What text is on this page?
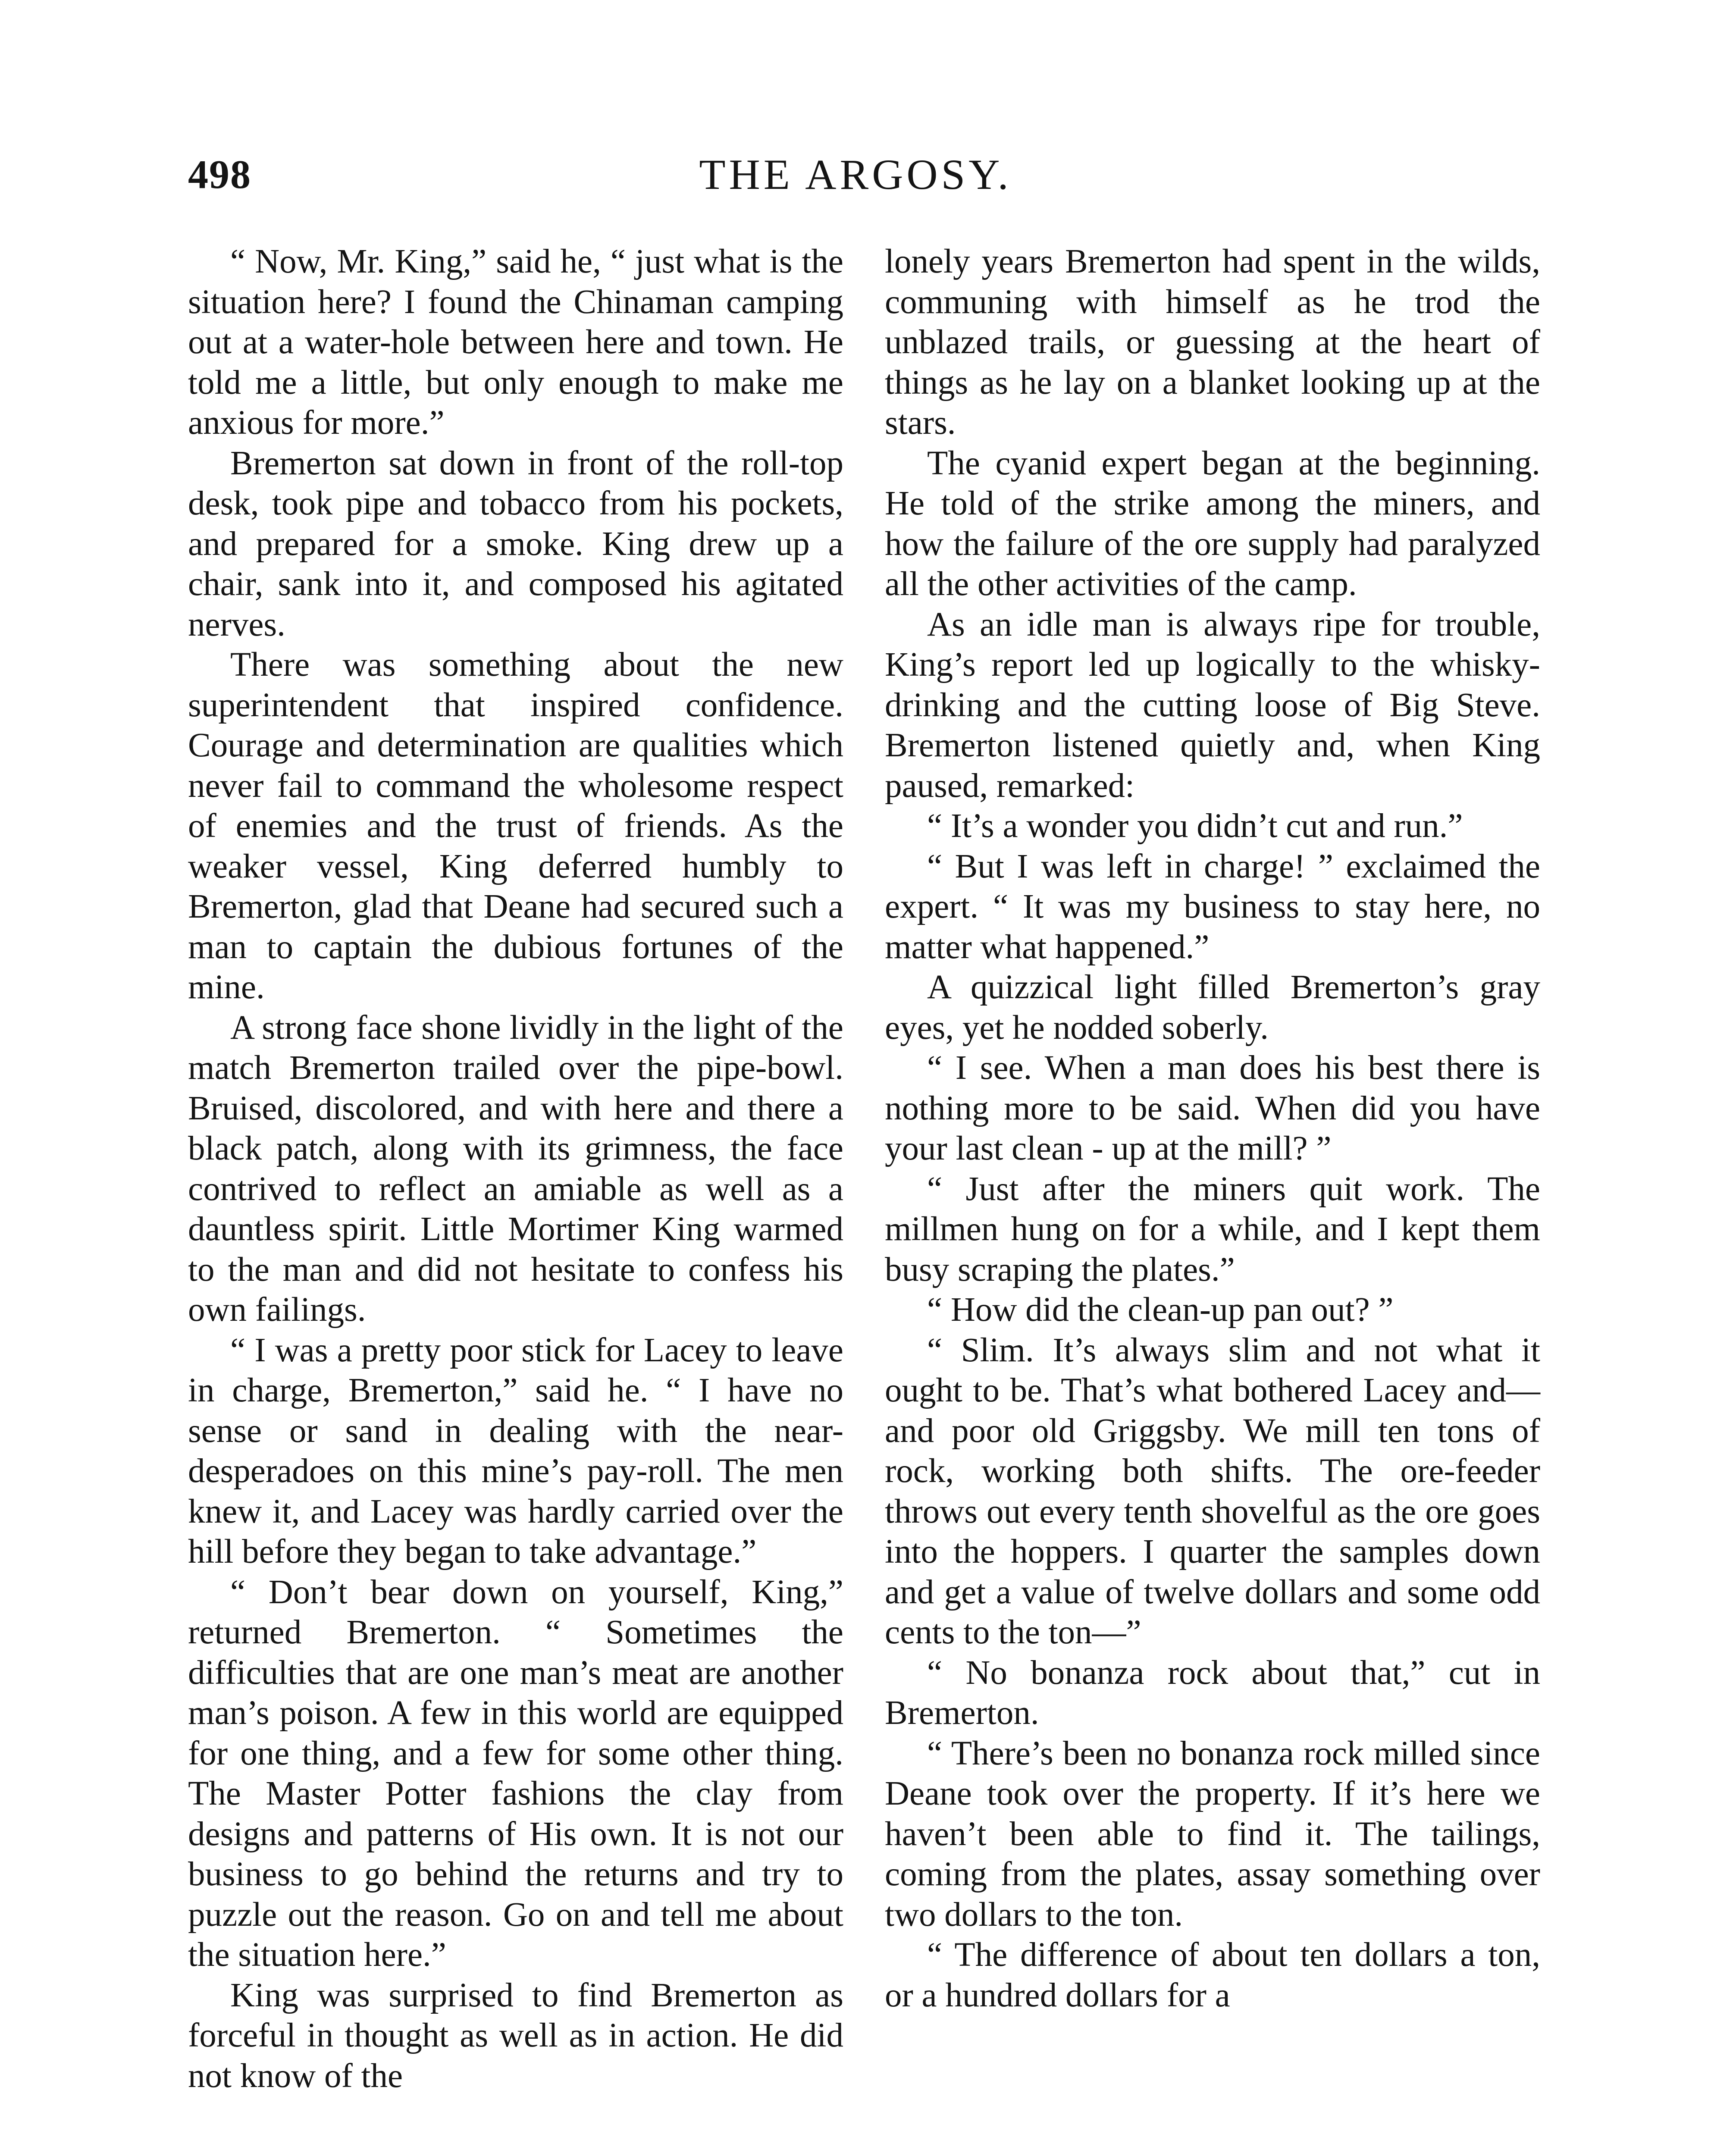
498	THE ARGOSY.

“ Now, Mr. King,” said he, “ just what is the situation here? I found the Chinaman camping out at a water-hole between here and town. He told me a little, but only enough to make me anxious for more.”

Bremerton sat down in front of the roll-top desk, took pipe and tobacco from his pockets, and prepared for a smoke. King drew up a chair, sank into it, and composed his agitated nerves.

There was something about the new superintendent that inspired confidence. Courage and determination are qualities which never fail to command the wholesome respect of enemies and the trust of friends. As the weaker vessel, King deferred humbly to Bremerton, glad that Deane had secured such a man to captain the dubious fortunes of the mine.

A strong face shone lividly in the light of the match Bremerton trailed over the pipe-bowl. Bruised, discolored, and with here and there a black patch, along with its grimness, the face contrived to reflect an amiable as well as a dauntless spirit. Little Mortimer King warmed to the man and did not hesitate to confess his own failings.

“ I was a pretty poor stick for Lacey to leave in charge, Bremerton,” said he. “ I have no sense or sand in dealing with the near-desperadoes on this mine’s pay-roll. The men knew it, and Lacey was hardly carried over the hill before they began to take advantage.”

“ Don’t bear down on yourself, King,” returned Bremerton. “ Sometimes the difficulties that are one man’s meat are another man’s poison. A few in this world are equipped for one thing, and a few for some other thing. The Master Potter fashions the clay from designs and patterns of His own. It is not our business to go behind the returns and try to puzzle out the reason. Go on and tell me about the situation here.”

King was surprised to find Bremerton as forceful in thought as well as in action. He did not know of the

lonely years Bremerton had spent in the wilds, communing with himself as he trod the unblazed trails, or guessing at the heart of things as he lay on a blanket looking up at the stars.

The cyanid expert began at the beginning. He told of the strike among the miners, and how the failure of the ore supply had paralyzed all the other activities of the camp.

As an idle man is always ripe for trouble, King’s report led up logically to the whisky-drinking and the cutting loose of Big Steve. Bremerton listened quietly and, when King paused, remarked:

“ It’s a wonder you didn’t cut and run.”

“ But I was left in charge! ” exclaimed the expert. “ It was my business to stay here, no matter what happened.”

A quizzical light filled Bremerton’s gray eyes, yet he nodded soberly.

“ I see. When a man does his best there is nothing more to be said. When did you have your last clean - up at the mill? ”

“ Just after the miners quit work. The millmen hung on for a while, and I kept them busy scraping the plates.”

“ How did the clean-up pan out? ”

“ Slim. It’s always slim and not what it ought to be. That’s what bothered Lacey and—and poor old Griggsby. We mill ten tons of rock, working both shifts. The ore-feeder throws out every tenth shovelful as the ore goes into the hoppers. I quarter the samples down and get a value of twelve dollars and some odd cents to the ton—”

“ No bonanza rock about that,” cut in Bremerton.

“ There’s been no bonanza rock milled since Deane took over the property. If it’s here we haven’t been able to find it. The tailings, coming from the plates, assay something over two dollars to the ton.

“ The difference of about ten dollars a ton, or a hundred dollars for a
